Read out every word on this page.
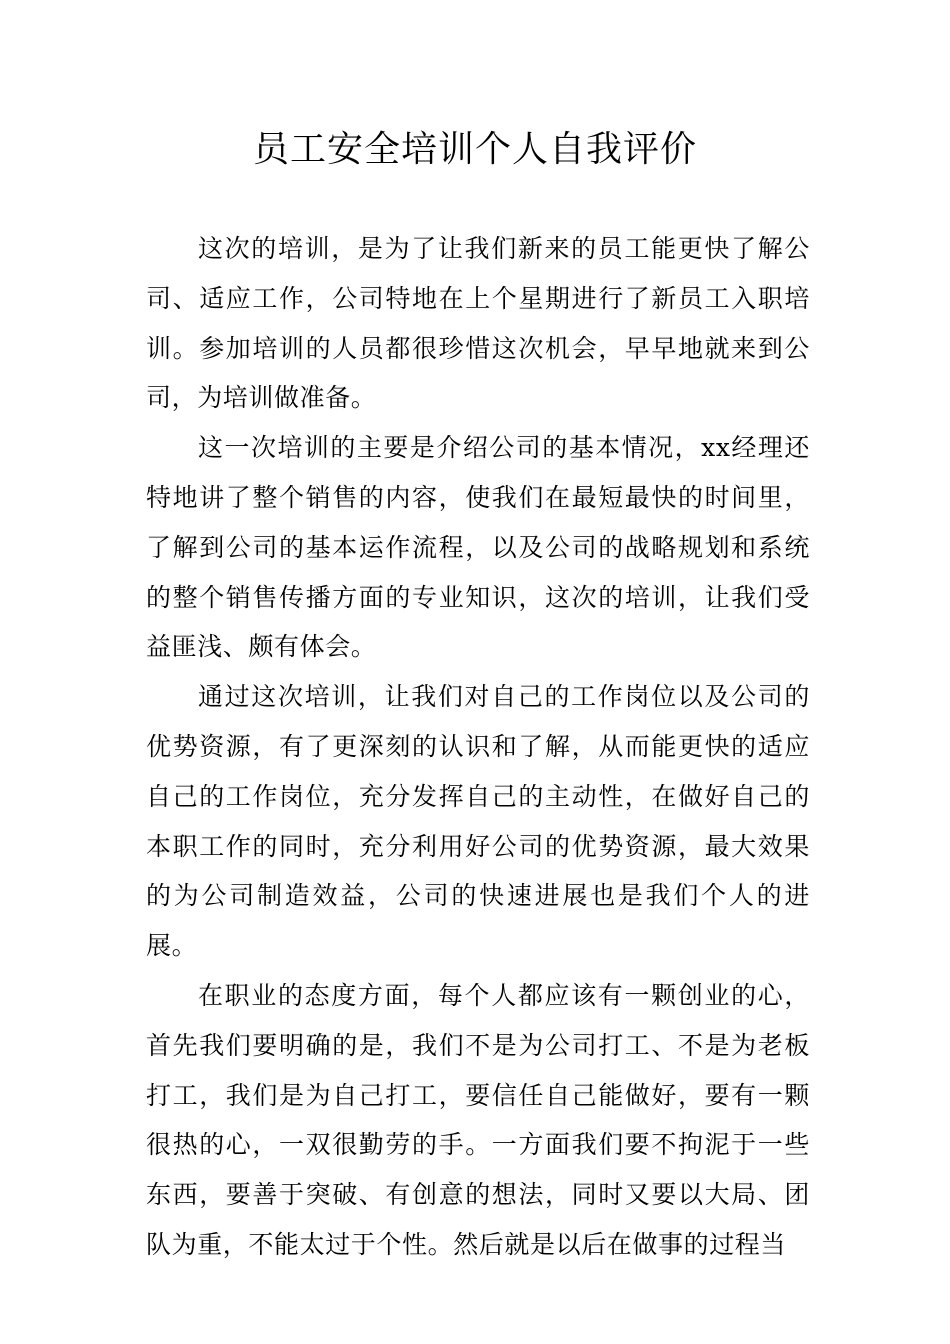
员工安全培训个人自我评价

这次的培训，是为了让我们新来的员工能更快了解公司、适应工作，公司特地在上个星期进行了新员工入职培训。参加培训的人员都很珍惜这次机会，早早地就来到公司，为培训做准备。

这一次培训的主要是介绍公司的基本情况，xx经理还特地讲了整个销售的内容，使我们在最短最快的时间里，了解到公司的基本运作流程，以及公司的战略规划和系统的整个销售传播方面的专业知识，这次的培训，让我们受益匪浅、颇有体会。

通过这次培训，让我们对自己的工作岗位以及公司的优势资源，有了更深刻的认识和了解，从而能更快的适应自己的工作岗位，充分发挥自己的主动性，在做好自己的本职工作的同时，充分利用好公司的优势资源，最大效果的为公司制造效益，公司的快速进展也是我们个人的进展。

在职业的态度方面，每个人都应该有一颗创业的心，首先我们要明确的是，我们不是为公司打工、不是为老板打工，我们是为自己打工，要信任自己能做好，要有一颗很热的心，一双很勤劳的手。一方面我们要不拘泥于一些东西，要善于突破、有创意的想法，同时又要以大局、团队为重，不能太过于个性。然后就是以后在做事的过程当
